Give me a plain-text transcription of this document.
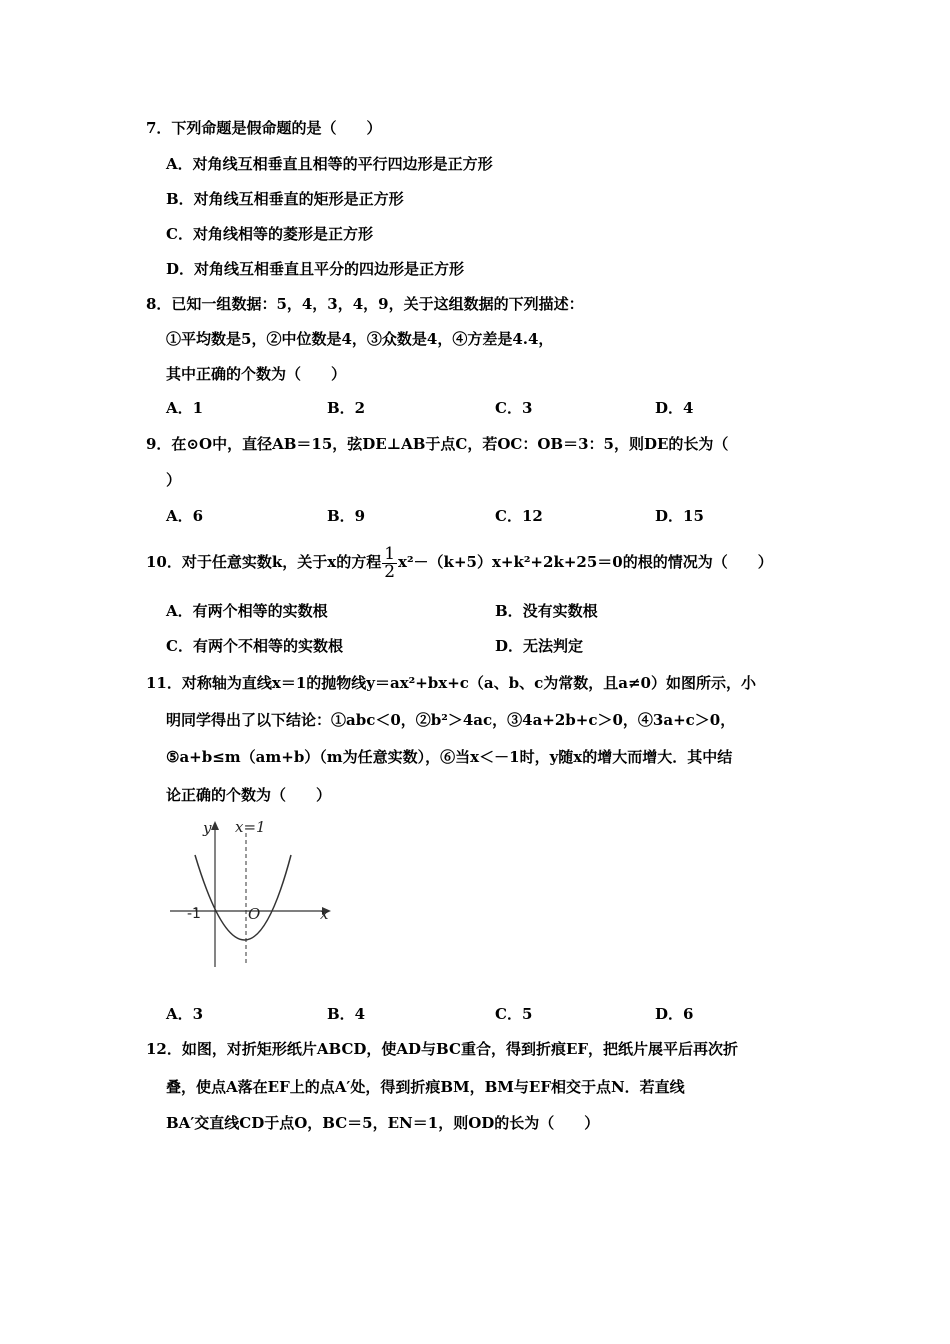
7．下列命题是假命题的是（　　）
A．对角线互相垂直且相等的平行四边形是正方形
B．对角线互相垂直的矩形是正方形
C．对角线相等的菱形是正方形
D．对角线互相垂直且平分的四边形是正方形
8．已知一组数据：5，4，3，4，9，关于这组数据的下列描述：
①平均数是5，②中位数是4，③众数是4，④方差是4.4，
其中正确的个数为（　　）
A．1	B．2	C．3	D．4
9．在⊙O中，直径AB＝15，弦DE⊥AB于点C，若OC：OB＝3：5，则DE的长为（
）
A．6	B．9	C．12	D．15
10．对于任意实数k，关于x的方程 $\frac{1}{2} x^2-(k+5)x+k^2+2k+25=0$的根的情况为（　　）
A．有两个相等的实数根	B．没有实数根
C．有两个不相等的实数根	D．无法判定
11．对称轴为直线x＝1的抛物线y＝ax²+bx+c（a、b、c为常数，且a≠0）如图所示，小
明同学得出了以下结论：①abc＜0，②b²＞4ac，③4a+2b+c＞0，④3a+c＞0，
⑤a+b≤m（am+b）（m为任意实数），⑥当x＜－1时，y随x的增大而增大．其中结
论正确的个数为（　　）
y x=1
x
O
-1
A．3	B．4	C．5	D．6
12．如图，对折矩形纸片ABCD，使AD与BC重合，得到折痕EF，把纸片展平后再次折
叠，使点A落在EF上的点A′处，得到折痕BM，BM与EF相交于点N．若直线
BA′交直线CD于点O，BC＝5，EN＝1，则OD的长为（　　）
